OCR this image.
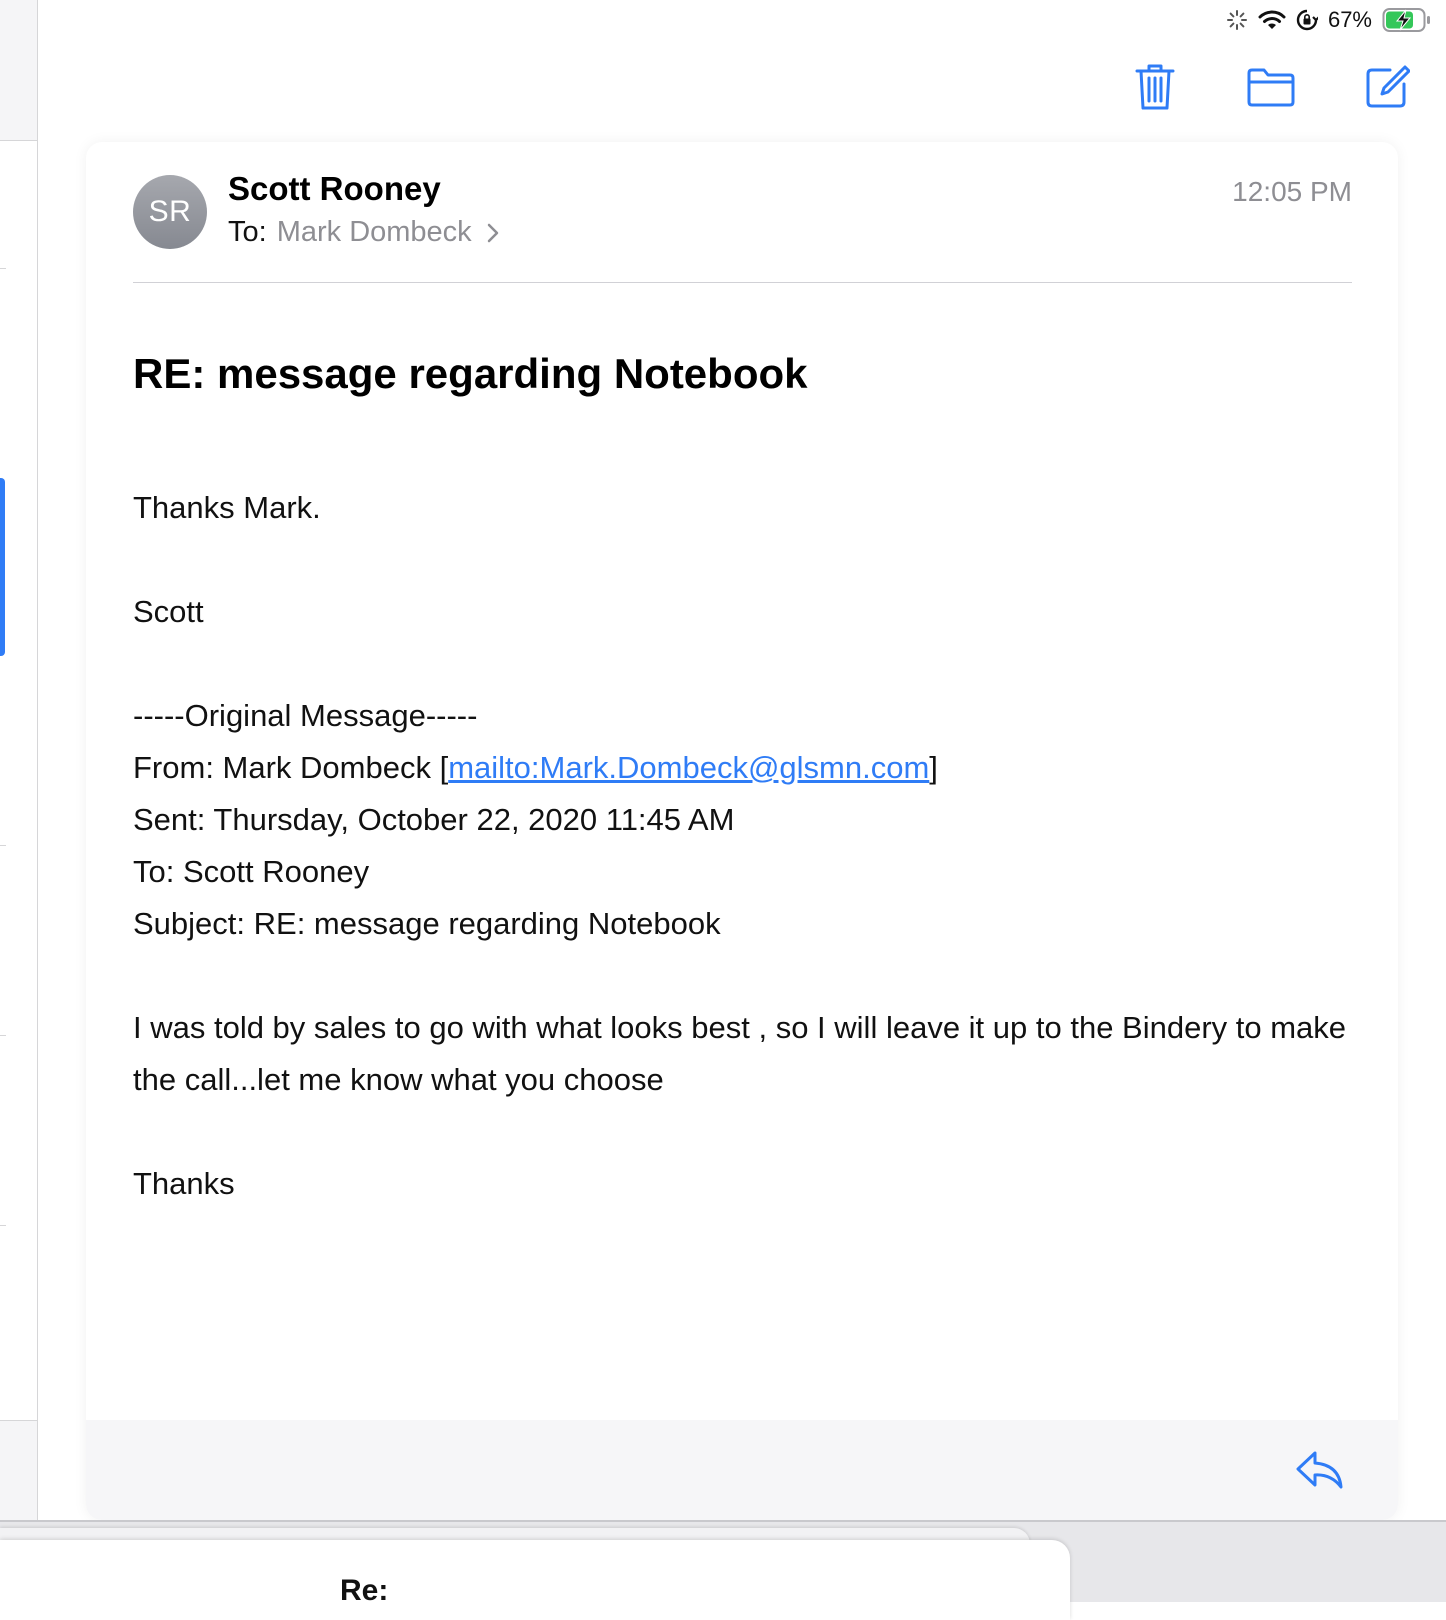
67%
SR
Scott Rooney
To: Mark Dombeck
12:05 PM
RE: message regarding Notebook

Thanks Mark.

Scott

-----Original Message-----

From: Mark Dombeck [mailto:Mark.Dombeck@glsmn.com]

Sent: Thursday, October 22, 2020 11:45 AM

To: Scott Rooney

Subject: RE: message regarding Notebook

I was told by sales to go with what looks best , so I will leave it up to the Bindery to make the call...let me know what you choose

Thanks

Re:
